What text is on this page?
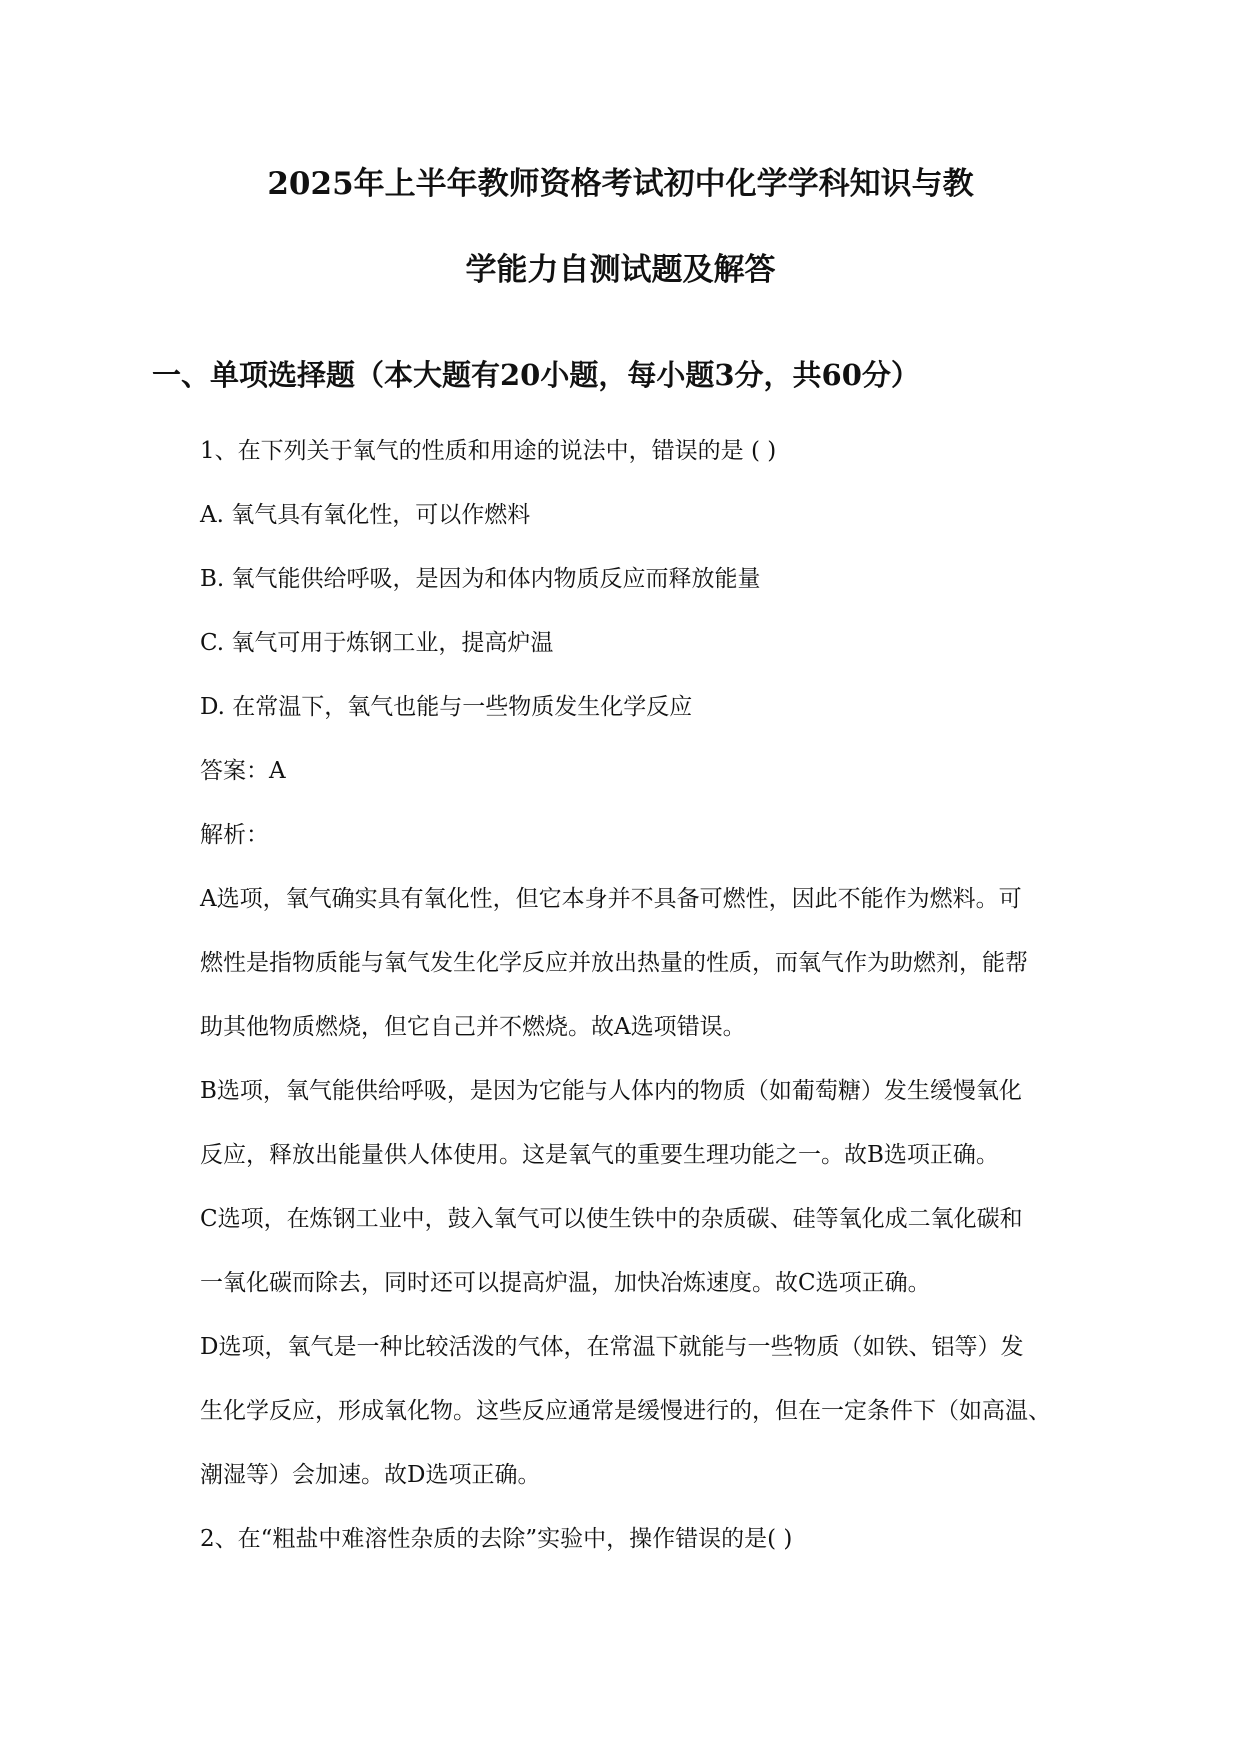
2025年上半年教师资格考试初中化学学科知识与教
学能力自测试题及解答
一、单项选择题（本大题有20小题，每小题3分，共60分）
1、在下列关于氧气的性质和用途的说法中，错误的是 ( )
A. 氧气具有氧化性，可以作燃料
B. 氧气能供给呼吸，是因为和体内物质反应而释放能量
C. 氧气可用于炼钢工业，提高炉温
D. 在常温下，氧气也能与一些物质发生化学反应
答案：A
解析：
A选项，氧气确实具有氧化性，但它本身并不具备可燃性，因此不能作为燃料。可
燃性是指物质能与氧气发生化学反应并放出热量的性质，而氧气作为助燃剂，能帮
助其他物质燃烧，但它自己并不燃烧。故A选项错误。
B选项，氧气能供给呼吸，是因为它能与人体内的物质（如葡萄糖）发生缓慢氧化
反应，释放出能量供人体使用。这是氧气的重要生理功能之一。故B选项正确。
C选项，在炼钢工业中，鼓入氧气可以使生铁中的杂质碳、硅等氧化成二氧化碳和
一氧化碳而除去，同时还可以提高炉温，加快冶炼速度。故C选项正确。
D选项，氧气是一种比较活泼的气体，在常温下就能与一些物质（如铁、铝等）发
生化学反应，形成氧化物。这些反应通常是缓慢进行的，但在一定条件下（如高温、
潮湿等）会加速。故D选项正确。
2、在“粗盐中难溶性杂质的去除”实验中，操作错误的是( )
